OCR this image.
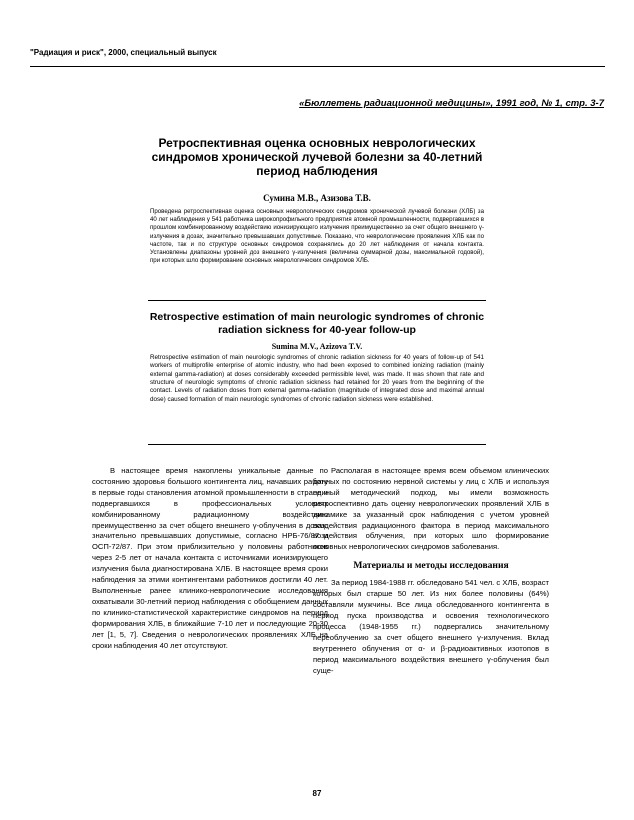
"Радиация и риск", 2000, специальный выпуск
«Бюллетень радиационной медицины», 1991 год, № 1, стр. 3-7
Ретроспективная оценка основных неврологических синдромов хронической лучевой болезни за 40-летний период наблюдения
Сумина М.В., Азизова Т.В.
Проведена ретроспективная оценка основных неврологических синдромов хронической лучевой болезни (ХЛБ) за 40 лет наблюдения у 541 работника широкопрофильного предприятия атомной промышленности, подвергавшихся в прошлом комбинированному воздействию ионизирующего излучения преимущественно за счет общего внешнего γ-излучения в дозах, значительно превышавших допустимые. Показано, что неврологические проявления ХЛБ как по частоте, так и по структуре основных синдромов сохранялись до 20 лет наблюдения от начала контакта. Установлены диапазоны уровней доз внешнего γ-излучения (величина суммарной дозы, максимальной годовой), при которых шло формирование основных неврологических синдромов ХЛБ.
Retrospective estimation of main neurologic syndromes of chronic radiation sickness for 40-year follow-up
Sumina M.V., Azizova T.V.
Retrospective estimation of main neurologic syndromes of chronic radiation sickness for 40 years of follow-up of 541 workers of multiprofile enterprise of atomic industry, who had been exposed to combined ionizing radiation (mainly external gamma-radiation) at doses considerably exceeded permissible level, was made. It was shown that rate and structure of neurologic symptoms of chronic radiation sickness had retained for 20 years from the beginning of the contact. Levels of radiation doses from external gamma-radiation (magnitude of integrated dose and maximal annual dose) caused formation of main neurologic syndromes of chronic radiation sickness were established.

В настоящее время накоплены уникальные данные по состоянию здоровья большого контингента лиц, начавших работу в первые годы становления атомной промышленности в стране и подвергавшихся в профессиональных условиях комбинированному радиационному воздействию преимущественно за счет общего внешнего γ-облучения в дозах, значительно превышавших допустимые, согласно НРБ-76/87 и ОСП-72/87. При этом приблизительно у половины работников через 2-5 лет от начала контакта с источниками ионизирующего излучения была диагностирована ХЛБ. В настоящее время сроки наблюдения за этими контингентами работников достигли 40 лет. Выполненные ранее клинико-неврологические исследования охватывали 30-летний период наблюдения с обобщением данных по клинико-статистической характеристике синдромов на период формирования ХЛБ, в ближайшие 7-10 лет и последующие 20-30 лет [1, 5, 7]. Сведения о неврологических проявлениях ХЛБ на сроки наблюдения 40 лет отсутствуют.

Располагая в настоящее время всем объемом клинических данных по состоянию нервной системы у лиц с ХЛБ и используя единый методический подход, мы имели возможность ретроспективно дать оценку неврологических проявлений ХЛБ в динамике за указанный срок наблюдения с учетом уровней воздействия радиационного фактора в период максимального воздействия облучения, при которых шло формирование основных неврологических синдромов заболевания.

Материалы и методы исследования

За период 1984-1988 гг. обследовано 541 чел. с ХЛБ, возраст которых был старше 50 лет. Из них более половины (64%) составляли мужчины. Все лица обследованного контингента в период пуска производства и освоения технологического процесса (1948-1955 гг.) подвергались значительному переоблучению за счет общего внешнего γ-излучения. Вклад внутреннего облучения от α- и β-радиоактивных изотопов в период максимального воздействия внешнего γ-облучения был суще-

87
